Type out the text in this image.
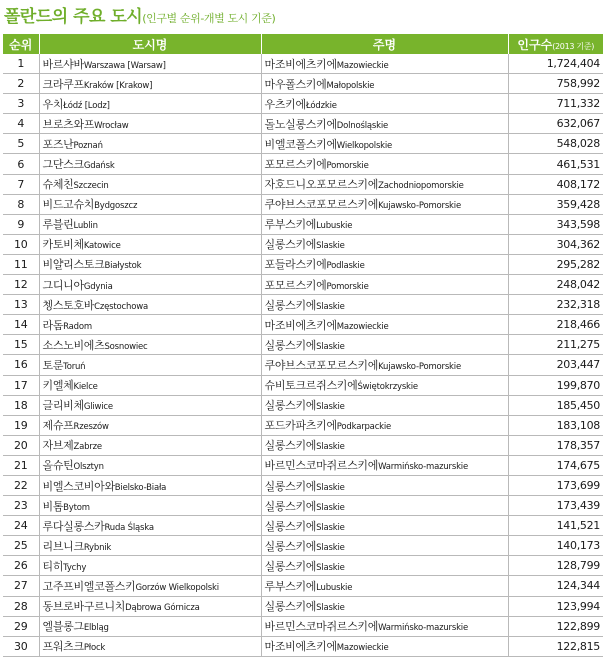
폴란드의 주요 도시 (인구별 순위-개별 도시 기준)
순위	도시명	주명	인구수(2013 기준)
1	바르샤바Warszawa [Warsaw]	마조비에츠키에Mazowieckie	1,724,404
2	크라쿠프Kraków [Krakow]	마우폴스키에Małopolskie	758,992
3	우치Łódź [Lodz]	우츠키에Łódzkie	711,332
4	브로츠와프Wrocław	돌노실롱스키에Dolnośląskie	632,067
5	포즈난Poznań	비엘코폴스키에Wielkopolskie	548,028
6	그단스크Gdańsk	포모르스키에Pomorskie	461,531
7	슈체친Szczecin	자호드니오포모르스키에Zachodniopomorskie	408,172
8	비드고슈치Bydgoszcz	쿠야브스코포모르스키에Kujawsko-Pomorskie	359,428
9	루블린Lublin	루부스키에Lubuskie	343,598
10	카토비체Katowice	실롱스키에Slaskie	304,362
11	비얄리스토크Białystok	포들라스키에Podlaskie	295,282
12	그디니아Gdynia	포모르스키에Pomorskie	248,042
13	쳉스토호바Częstochowa	실롱스키에Slaskie	232,318
14	라돔Radom	마조비에츠키에Mazowieckie	218,466
15	소스노비에츠Sosnowiec	실롱스키에Slaskie	211,275
16	토룬Toruń	쿠야브스코포모르스키에Kujawsko-Pomorskie	203,447
17	키엘체Kielce	슈비토크르쥐스키에Świętokrzyskie	199,870
18	글리비체Gliwice	실롱스키에Slaskie	185,450
19	제슈프Rzeszów	포드카파츠키에Podkarpackie	183,108
20	자브제Zabrze	실롱스키에Slaskie	178,357
21	올슈틴Olsztyn	바르민스코마쥐르스키에Warmińsko-mazurskie	174,675
22	비엘스코비아와Bielsko-Biała	실롱스키에Slaskie	173,699
23	비톰Bytom	실롱스키에Slaskie	173,439
24	루다실롱스카Ruda Śląska	실롱스키에Slaskie	141,521
25	리브니크Rybnik	실롱스키에Slaskie	140,173
26	티히Tychy	실롱스키에Slaskie	128,799
27	고주프비엘코폴스키Gorzów Wielkopolski	루부스키에Lubuskie	124,344
28	동브로바구르니치Dąbrowa Górnicza	실롱스키에Slaskie	123,994
29	엘블롱그Elbląg	바르민스코마쥐르스키에Warmińsko-mazurskie	122,899
30	프워츠크Płock	마조비에츠키에Mazowieckie	122,815
